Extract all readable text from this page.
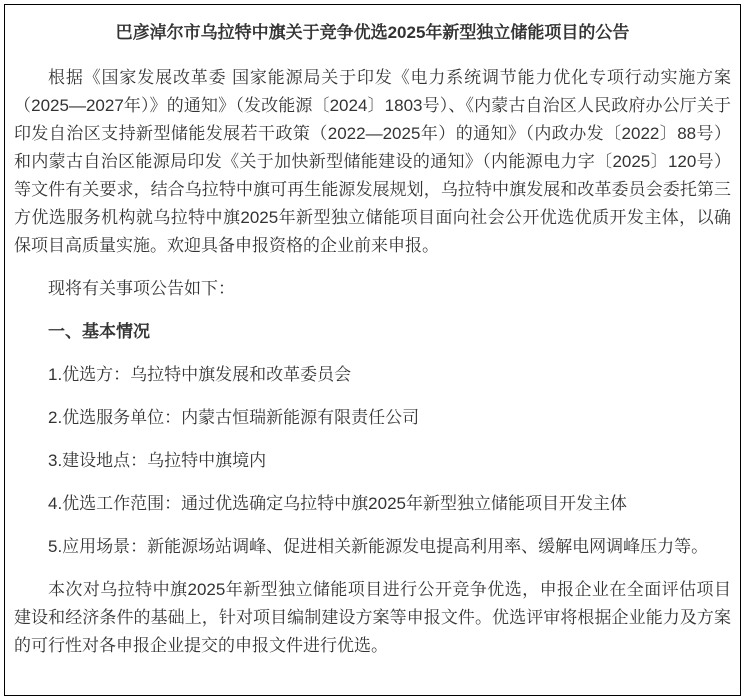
巴彦淖尔市乌拉特中旗关于竞争优选2025年新型独立储能项目的公告

根据《国家发展改革委 国家能源局关于印发《电力系统调节能力优化专项行动实施方案（2025—2027年）》的通知》（发改能源〔2024〕1803号）、《内蒙古自治区人民政府办公厅关于印发自治区支持新型储能发展若干政策（2022—2025年）的通知》（内政办发〔2022〕88号）和内蒙古自治区能源局印发《关于加快新型储能建设的通知》（内能源电力字〔2025〕120号）等文件有关要求，结合乌拉特中旗可再生能源发展规划，乌拉特中旗发展和改革委员会委托第三方优选服务机构就乌拉特中旗2025年新型独立储能项目面向社会公开优选优质开发主体，以确保项目高质量实施。欢迎具备申报资格的企业前来申报。

现将有关事项公告如下：

一、基本情况

1.优选方：乌拉特中旗发展和改革委员会

2.优选服务单位：内蒙古恒瑞新能源有限责任公司

3.建设地点：乌拉特中旗境内

4.优选工作范围：通过优选确定乌拉特中旗2025年新型独立储能项目开发主体

5.应用场景：新能源场站调峰、促进相关新能源发电提高利用率、缓解电网调峰压力等。

本次对乌拉特中旗2025年新型独立储能项目进行公开竞争优选，申报企业在全面评估项目建设和经济条件的基础上，针对项目编制建设方案等申报文件。优选评审将根据企业能力及方案的可行性对各申报企业提交的申报文件进行优选。
